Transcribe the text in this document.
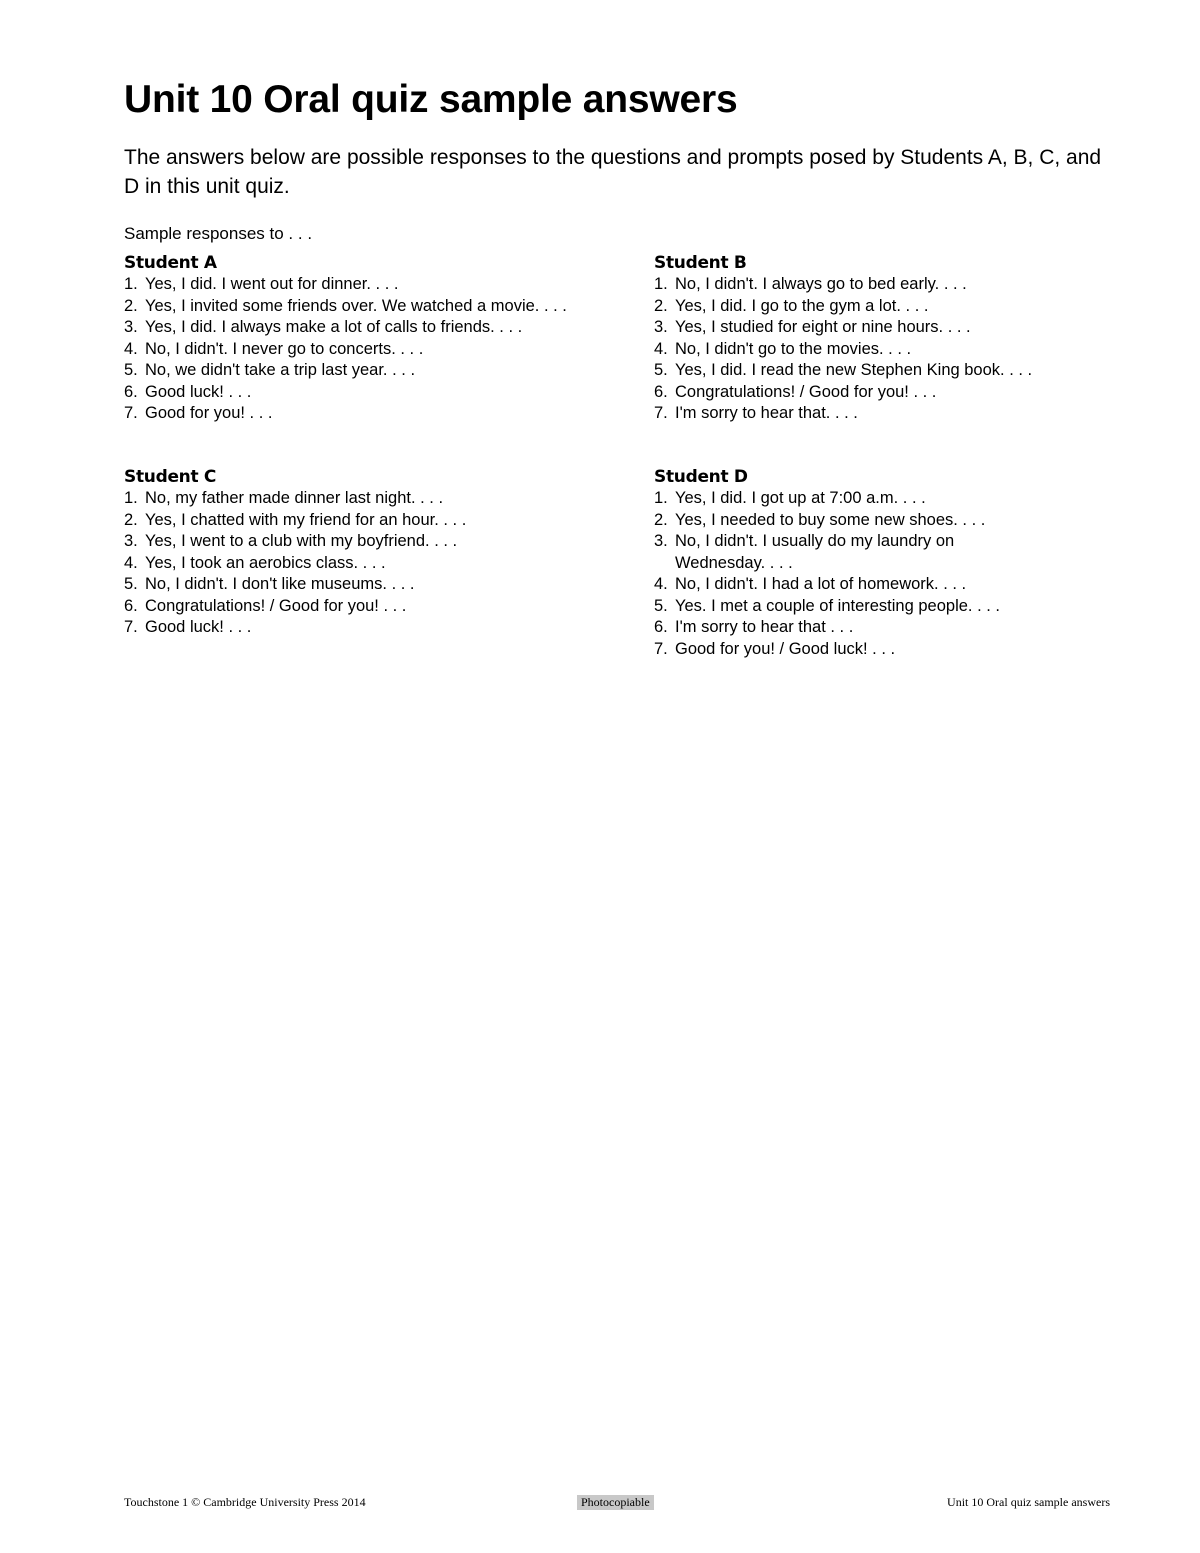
Unit 10 Oral quiz sample answers

The answers below are possible responses to the questions and prompts posed by Students A, B, C, and D in this unit quiz.

Sample responses to . . .

Student A
1. Yes, I did. I went out for dinner. . . .
2. Yes, I invited some friends over. We watched a movie. . . .
3. Yes, I did. I always make a lot of calls to friends. . . .
4. No, I didn't. I never go to concerts. . . .
5. No, we didn't take a trip last year. . . .
6. Good luck! . . .
7. Good for you! . . .
Student B
1. No, I didn't. I always go to bed early. . . .
2. Yes, I did. I go to the gym a lot. . . .
3. Yes, I studied for eight or nine hours. . . .
4. No, I didn't go to the movies. . . .
5. Yes, I did. I read the new Stephen King book. . . .
6. Congratulations! / Good for you! . . .
7. I'm sorry to hear that. . . .
Student C
1. No, my father made dinner last night. . . .
2. Yes, I chatted with my friend for an hour. . . .
3. Yes, I went to a club with my boyfriend. . . .
4. Yes, I took an aerobics class. . . .
5. No, I didn't. I don't like museums. . . .
6. Congratulations! / Good for you! . . .
7. Good luck! . . .
Student D
1. Yes, I did. I got up at 7:00 a.m. . . .
2. Yes, I needed to buy some new shoes. . . .
3. No, I didn't. I usually do my laundry on Wednesday. . . .
4. No, I didn't. I had a lot of homework. . . .
5. Yes. I met a couple of interesting people. . . .
6. I'm sorry to hear that . . .
7. Good for you! / Good luck! . . .
Touchstone 1 © Cambridge University Press 2014	Photocopiable	Unit 10 Oral quiz sample answers
